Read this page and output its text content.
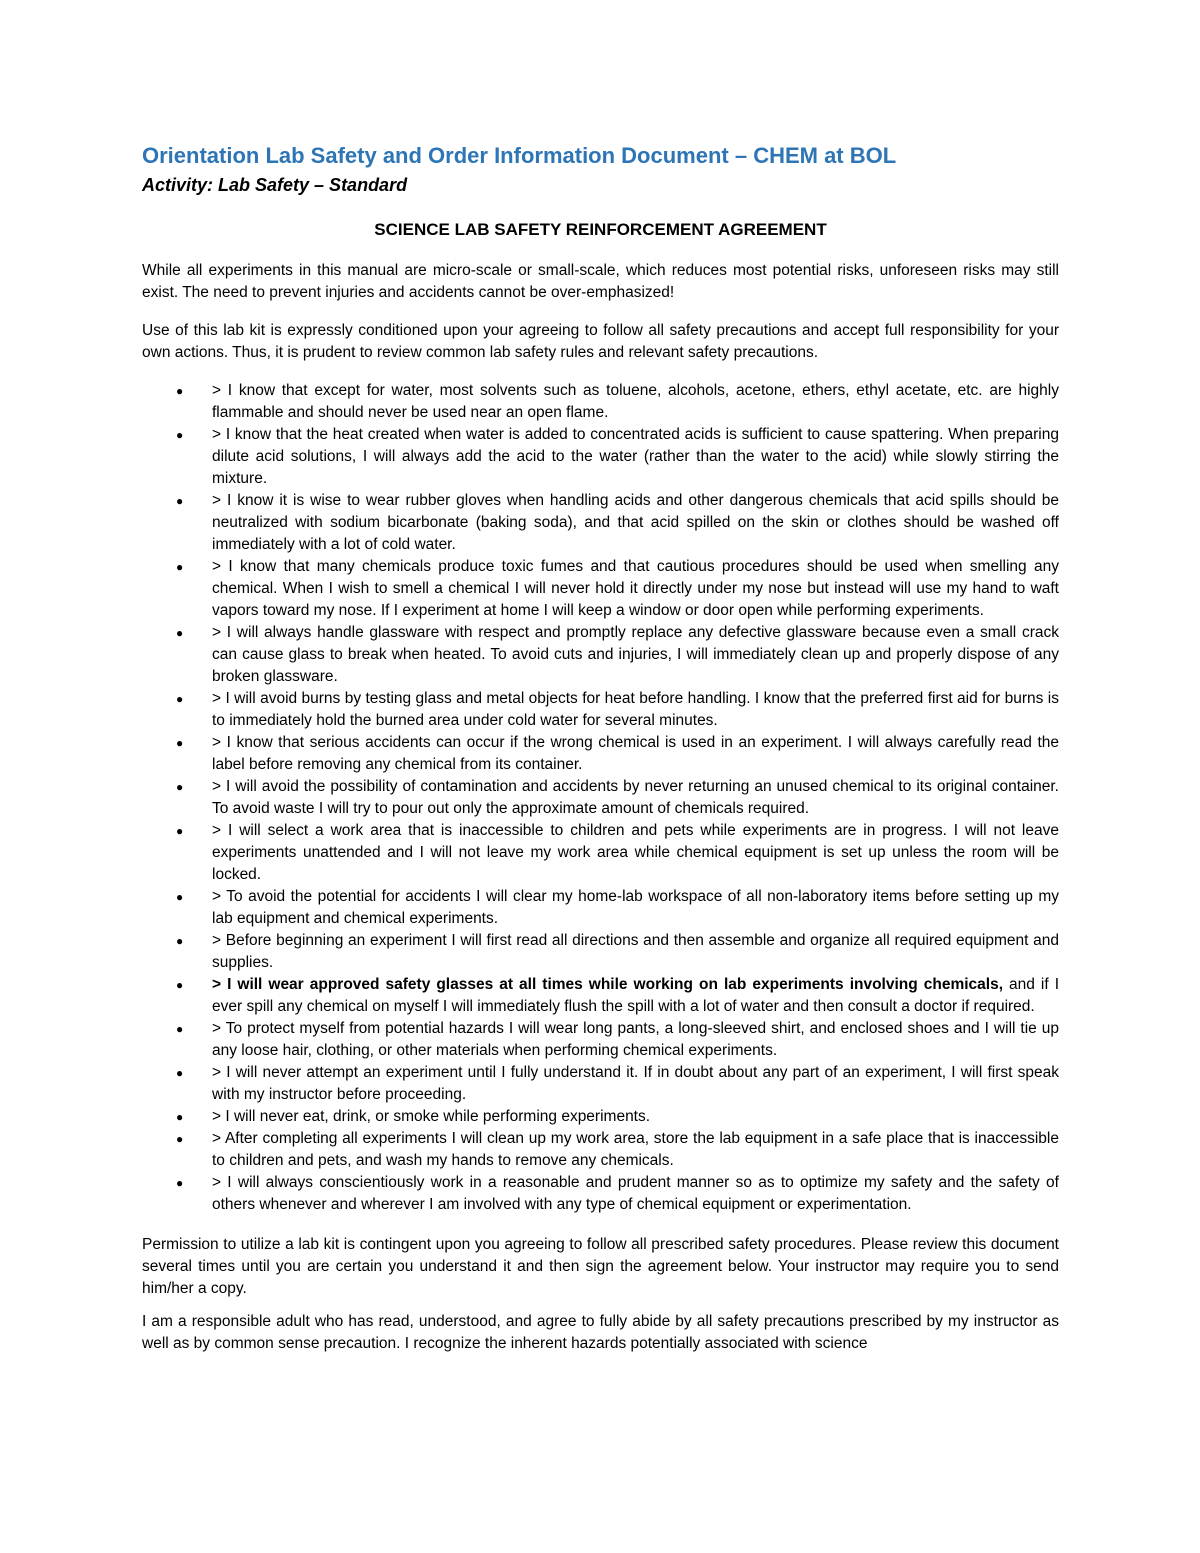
Orientation Lab Safety and Order Information Document – CHEM at BOL
Activity: Lab Safety – Standard
SCIENCE LAB SAFETY REINFORCEMENT AGREEMENT

While all experiments in this manual are micro-scale or small-scale, which reduces most potential risks, unforeseen risks may still exist. The need to prevent injuries and accidents cannot be over-emphasized!

Use of this lab kit is expressly conditioned upon your agreeing to follow all safety precautions and accept full responsibility for your own actions. Thus, it is prudent to review common lab safety rules and relevant safety precautions.

● > I know that except for water, most solvents such as toluene, alcohols, acetone, ethers, ethyl acetate, etc. are highly flammable and should never be used near an open flame.
● > I know that the heat created when water is added to concentrated acids is sufficient to cause spattering. When preparing dilute acid solutions, I will always add the acid to the water (rather than the water to the acid) while slowly stirring the mixture.
● > I know it is wise to wear rubber gloves when handling acids and other dangerous chemicals that acid spills should be neutralized with sodium bicarbonate (baking soda), and that acid spilled on the skin or clothes should be washed off immediately with a lot of cold water.
● > I know that many chemicals produce toxic fumes and that cautious procedures should be used when smelling any chemical. When I wish to smell a chemical I will never hold it directly under my nose but instead will use my hand to waft vapors toward my nose. If I experiment at home I will keep a window or door open while performing experiments.
● > I will always handle glassware with respect and promptly replace any defective glassware because even a small crack can cause glass to break when heated. To avoid cuts and injuries, I will immediately clean up and properly dispose of any broken glassware.
● > I will avoid burns by testing glass and metal objects for heat before handling. I know that the preferred first aid for burns is to immediately hold the burned area under cold water for several minutes.
● > I know that serious accidents can occur if the wrong chemical is used in an experiment. I will always carefully read the label before removing any chemical from its container.
● > I will avoid the possibility of contamination and accidents by never returning an unused chemical to its original container. To avoid waste I will try to pour out only the approximate amount of chemicals required.
● > I will select a work area that is inaccessible to children and pets while experiments are in progress. I will not leave experiments unattended and I will not leave my work area while chemical equipment is set up unless the room will be locked.
● > To avoid the potential for accidents I will clear my home-lab workspace of all non-laboratory items before setting up my lab equipment and chemical experiments.
● > Before beginning an experiment I will first read all directions and then assemble and organize all required equipment and supplies.
● > I will wear approved safety glasses at all times while working on lab experiments involving chemicals, and if I ever spill any chemical on myself I will immediately flush the spill with a lot of water and then consult a doctor if required.
● > To protect myself from potential hazards I will wear long pants, a long-sleeved shirt, and enclosed shoes and I will tie up any loose hair, clothing, or other materials when performing chemical experiments.
● > I will never attempt an experiment until I fully understand it. If in doubt about any part of an experiment, I will first speak with my instructor before proceeding.
● > I will never eat, drink, or smoke while performing experiments.
● > After completing all experiments I will clean up my work area, store the lab equipment in a safe place that is inaccessible to children and pets, and wash my hands to remove any chemicals.
● > I will always conscientiously work in a reasonable and prudent manner so as to optimize my safety and the safety of others whenever and wherever I am involved with any type of chemical equipment or experimentation.

Permission to utilize a lab kit is contingent upon you agreeing to follow all prescribed safety procedures. Please review this document several times until you are certain you understand it and then sign the agreement below. Your instructor may require you to send him/her a copy.

I am a responsible adult who has read, understood, and agree to fully abide by all safety precautions prescribed by my instructor as well as by common sense precaution. I recognize the inherent hazards potentially associated with science
